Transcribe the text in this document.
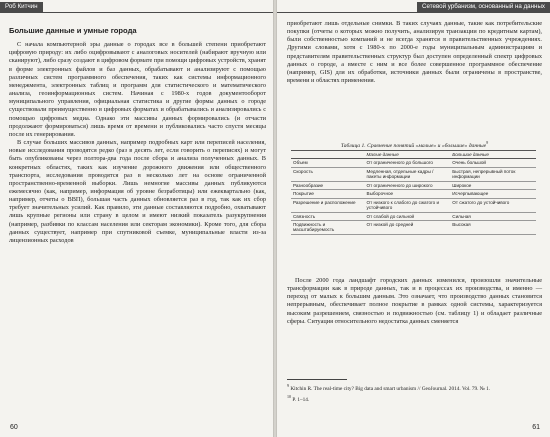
Роб Китчин
Большие данные и умные города

С начала компьютерной эры данные о городах все в большей степени приобретают цифровую природу: их либо оцифровывают с аналоговых носителей (набирают вручную или сканируют), либо сразу создают в цифровом формате при помощи цифровых устройств, хранят в форме электронных файлов и баз данных, обрабатывают и анализируют с помощью различных систем программного обеспечения, таких как системы информационного менеджмента, электронных таблиц и программ для статистического и математического анализа, геоинформационных систем. Начиная с 1980-х годов документооборот муниципального управления, официальная статистика и другие формы данных о городе существовали преимущественно в цифровых форматах и обрабатывались и анализировались с помощью цифровых медиа. Однако эти массивы данных формировались (и отчасти продолжают формироваться) лишь время от времени и публиковались часто спустя месяцы после их генерирования.

В случае больших массивов данных, например подробных карт или переписей населения, новые исследования проводятся редко (раз в десять лет, если говорить о переписях) и могут быть опубликованы через полтора-два года после сбора и анализа полученных данных. В конкретных областях, таких как изучение дорожного движения или общественного транспорта, исследования проводятся раз в несколько лет на основе ограниченной пространственно-временной выборки. Лишь немногие массивы данных публикуются ежемесячно (как, например, информация об уровне безработицы) или ежеквартально (как, например, отчеты о ВВП), большая часть данных обновляется раз в год, так как их сбор требует значительных усилий. Как правило, эти данные составляются подробно, охватывают лишь крупные регионы или страну в целом и имеют низкий показатель разукрупнения (например, разбивки по классам населения или секторам экономики). Кроме того, для сбора данных существует, например при спутниковой съемке, муниципальные власти из-за лицензионных расходов

60
Сетевой урбанизм, основанный на данных

приобретают лишь отдельные снимки. В таких случаях данные, такие как потребительские покупки (отчеты о которых можно получить, анализируя транзакции по кредитным картам), были собственностью компаний и не всегда хранятся в правительственных учреждениях. Другими словами, хотя с 1980-х по 2000-е годы муниципальным администрациям и представителям правительственных структур был доступен определенный спектр цифровых данных о городе, а вместе с ним и все более совершенное программное обеспечение (например, GIS) для их обработки, источники данных были ограничены в пространстве, времени и областях применения.

Таблица 1. Сравнение понятий «малые» и «большие» данные$^9$
	Малые данные	Большие данные
Объем	От ограниченного до большого	Очень большой
Скорость	Медленная, отдельные кадры / пакеты информации	Быстрая, непрерывный поток информации
Разнообразие	От ограниченного до широкого	Широкое
Покрытие	Выборочное	Исчерпывающее
Разрешение и расположение	От низкого к слабого до сжатого и устойчивого	От сжатого до устойчивого
Связность	От слабой до сильной	Сильная
Подвижность и масштабируемость	От низкой до средней	Высокая

После 2000 года ландшафт городских данных изменился, произошли значительные трансформации как в природе данных, так и в процессах их производства, и именно — переход от малых к большим данным. Это означает, что производство данных становится непрерывным, обеспечивает полное покрытие в рамках одной системы, характеризуется высоким разрешением, связностью и подвижностью (см. таблицу 1) и обладает различные сферы. Ситуация относительного недостатка данных сменяется

$^9$ Kitchin R. The real-time city? Big data and smart urbanism // GeoJournal. 2014. Vol. 79. № 1.
$^{10}$ P. 1–14.
61
